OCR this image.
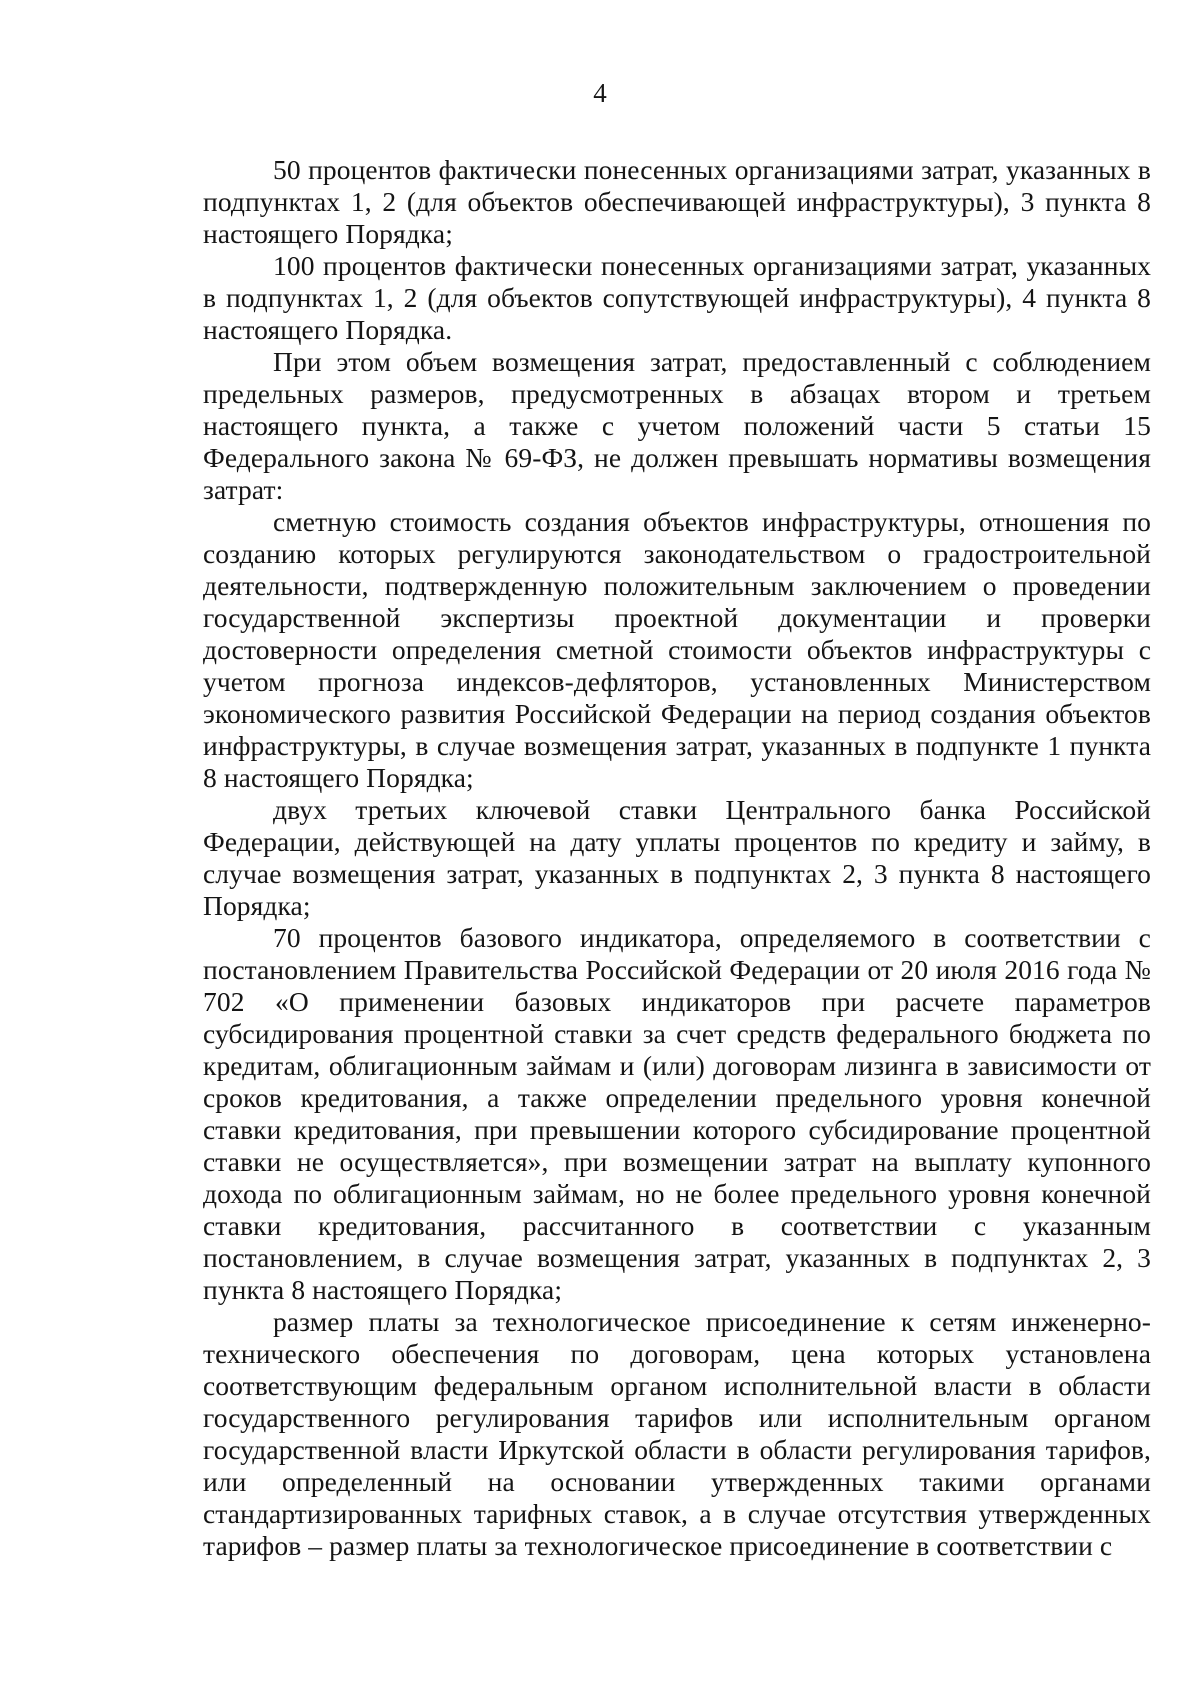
4

50 процентов фактически понесенных организациями затрат, указанных в подпунктах 1, 2 (для объектов обеспечивающей инфраструктуры), 3 пункта 8 настоящего Порядка;

100 процентов фактически понесенных организациями затрат, указанных в подпунктах 1, 2 (для объектов сопутствующей инфраструктуры), 4 пункта 8 настоящего Порядка.

При этом объем возмещения затрат, предоставленный с соблюдением предельных размеров, предусмотренных в абзацах втором и третьем настоящего пункта, а также с учетом положений части 5 статьи 15 Федерального закона № 69-ФЗ, не должен превышать нормативы возмещения затрат:

сметную стоимость создания объектов инфраструктуры, отношения по созданию которых регулируются законодательством о градостроительной деятельности, подтвержденную положительным заключением о проведении государственной экспертизы проектной документации и проверки достоверности определения сметной стоимости объектов инфраструктуры с учетом прогноза индексов-дефляторов, установленных Министерством экономического развития Российской Федерации на период создания объектов инфраструктуры, в случае возмещения затрат, указанных в подпункте 1 пункта 8 настоящего Порядка;

двух третьих ключевой ставки Центрального банка Российской Федерации, действующей на дату уплаты процентов по кредиту и займу, в случае возмещения затрат, указанных в подпунктах 2, 3 пункта 8 настоящего Порядка;

70 процентов базового индикатора, определяемого в соответствии с постановлением Правительства Российской Федерации от 20 июля 2016 года № 702 «О применении базовых индикаторов при расчете параметров субсидирования процентной ставки за счет средств федерального бюджета по кредитам, облигационным займам и (или) договорам лизинга в зависимости от сроков кредитования, а также определении предельного уровня конечной ставки кредитования, при превышении которого субсидирование процентной ставки не осуществляется», при возмещении затрат на выплату купонного дохода по облигационным займам, но не более предельного уровня конечной ставки кредитования, рассчитанного в соответствии с указанным постановлением, в случае возмещения затрат, указанных в подпунктах 2, 3 пункта 8 настоящего Порядка;

размер платы за технологическое присоединение к сетям инженерно-технического обеспечения по договорам, цена которых установлена соответствующим федеральным органом исполнительной власти в области государственного регулирования тарифов или исполнительным органом государственной власти Иркутской области в области регулирования тарифов, или определенный на основании утвержденных такими органами стандартизированных тарифных ставок, а в случае отсутствия утвержденных тарифов – размер платы за технологическое присоединение в соответствии с
